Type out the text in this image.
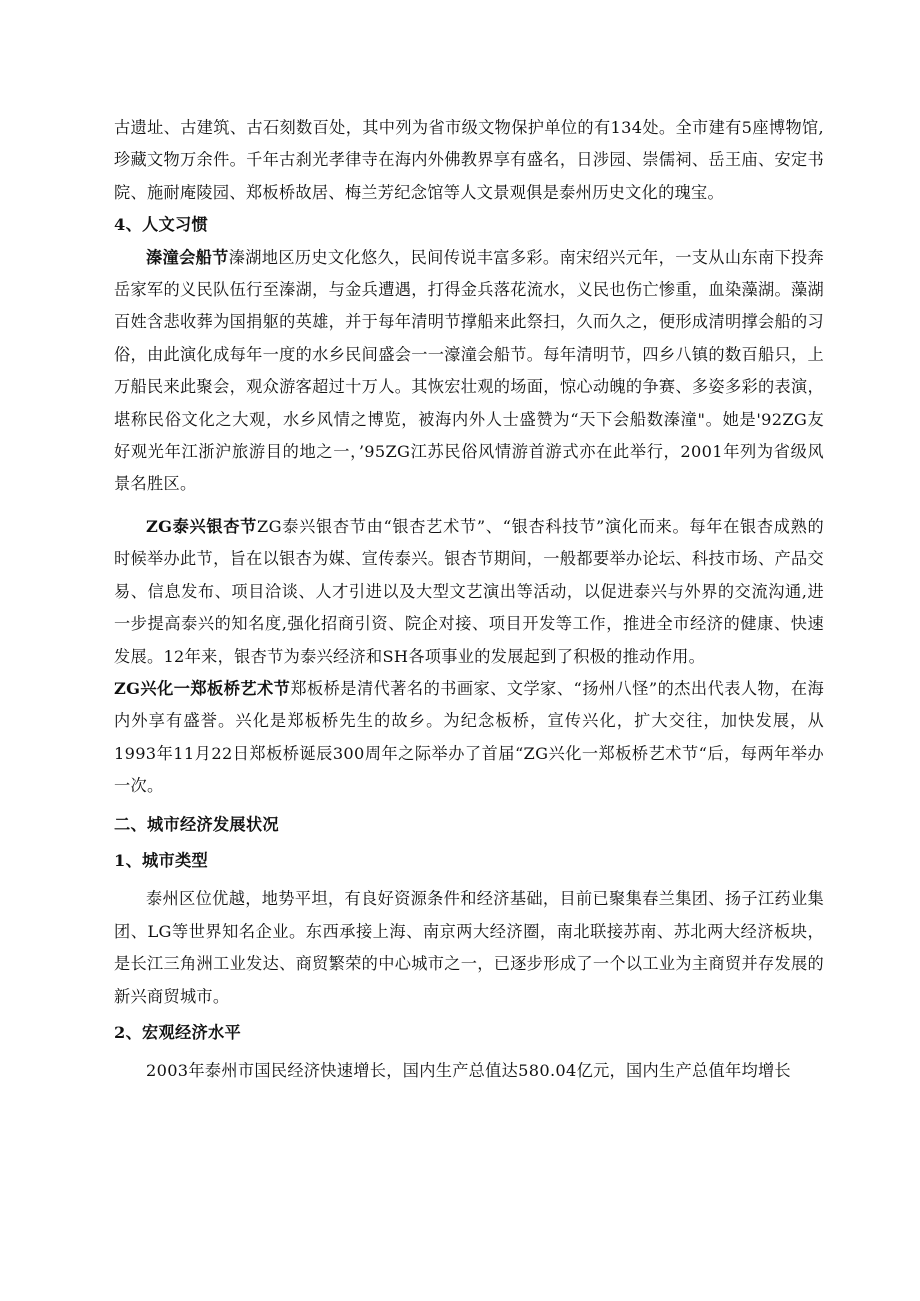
古遗址、古建筑、古石刻数百处，其中列为省市级文物保护单位的有134处。全市建有5座博物馆,珍藏文物万余件。千年古刹光孝律寺在海内外佛教界享有盛名，日涉园、崇儒祠、岳王庙、安定书院、施耐庵陵园、郑板桥故居、梅兰芳纪念馆等人文景观俱是泰州历史文化的瑰宝。

4、人文习惯

溱潼会船节溱湖地区历史文化悠久，民间传说丰富多彩。南宋绍兴元年，一支从山东南下投奔岳家军的义民队伍行至溱湖，与金兵遭遇，打得金兵落花流水，义民也伤亡惨重，血染藻湖。藻湖百姓含悲收葬为国捐躯的英雄，并于每年清明节撑船来此祭扫，久而久之，便形成清明撑会船的习俗，由此演化成每年一度的水乡民间盛会一一濠潼会船节。每年清明节，四乡八镇的数百船只，上万船民来此聚会，观众游客超过十万人。其恢宏壮观的场面，惊心动魄的争赛、多姿多彩的表演，堪称民俗文化之大观，水乡风情之博览，被海内外人士盛赞为“天下会船数溱潼"。她是'92ZG友好观光年江浙沪旅游目的地之一，’95ZG江苏民俗风情游首游式亦在此举行，2001年列为省级风景名胜区。

ZG泰兴银杏节ZG泰兴银杏节由“银杏艺术节”、“银杏科技节”演化而来。每年在银杏成熟的时候举办此节，旨在以银杏为媒、宣传泰兴。银杏节期间，一般都要举办论坛、科技市场、产品交易、信息发布、项目洽谈、人才引进以及大型文艺演出等活动，以促进泰兴与外界的交流沟通,进一步提高泰兴的知名度,强化招商引资、院企对接、项目开发等工作，推进全市经济的健康、快速发展。12年来，银杏节为泰兴经济和SH各项事业的发展起到了积极的推动作用。

ZG兴化一郑板桥艺术节郑板桥是清代著名的书画家、文学家、“扬州八怪”的杰出代表人物，在海内外享有盛誉。兴化是郑板桥先生的故乡。为纪念板桥，宣传兴化，扩大交往，加快发展，从1993年11月22日郑板桥诞辰300周年之际举办了首届“ZG兴化一郑板桥艺术节“后，每两年举办一次。

二、城市经济发展状况
1、城市类型

泰州区位优越，地势平坦，有良好资源条件和经济基础，目前已聚集春兰集团、扬子江药业集团、LG等世界知名企业。东西承接上海、南京两大经济圈，南北联接苏南、苏北两大经济板块，是长江三角洲工业发达、商贸繁荣的中心城市之一，已逐步形成了一个以工业为主商贸并存发展的新兴商贸城市。

2、宏观经济水平

2003年泰州市国民经济快速增长，国内生产总值达580.04亿元，国内生产总值年均增长
